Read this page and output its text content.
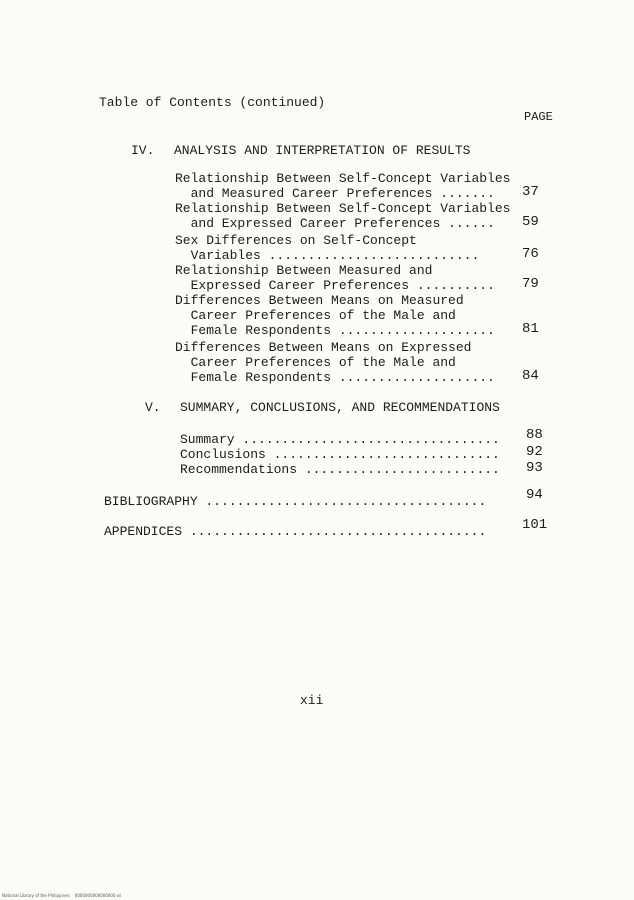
Table of Contents (continued)
PAGE
IV. ANALYSIS AND INTERPRETATION OF RESULTS
Relationship Between Self-Concept Variables
and Measured Career Preferences ....... 37
Relationship Between Self-Concept Variables
and Expressed Career Preferences ...... 59
Sex Differences on Self-Concept
Variables ...........................	76
Relationship Between Measured and
Expressed Career Preferences .......... 79
Differences Between Means on Measured
Career Preferences of the Male and
Female Respondents .................... 81
Differences Between Means on Expressed
Career Preferences of the Male and
Female Respondents .................... 84
V. SUMMARY, CONCLUSIONS, AND RECOMMENDATIONS
Summary ................................. 88
Conclusions ............................. 92
Recommendations ......................... 93
BIBLIOGRAPHY ....................................	94
APPENDICES ......................................	101
xii
National Library of the Philippines    0000000000000000 xii
